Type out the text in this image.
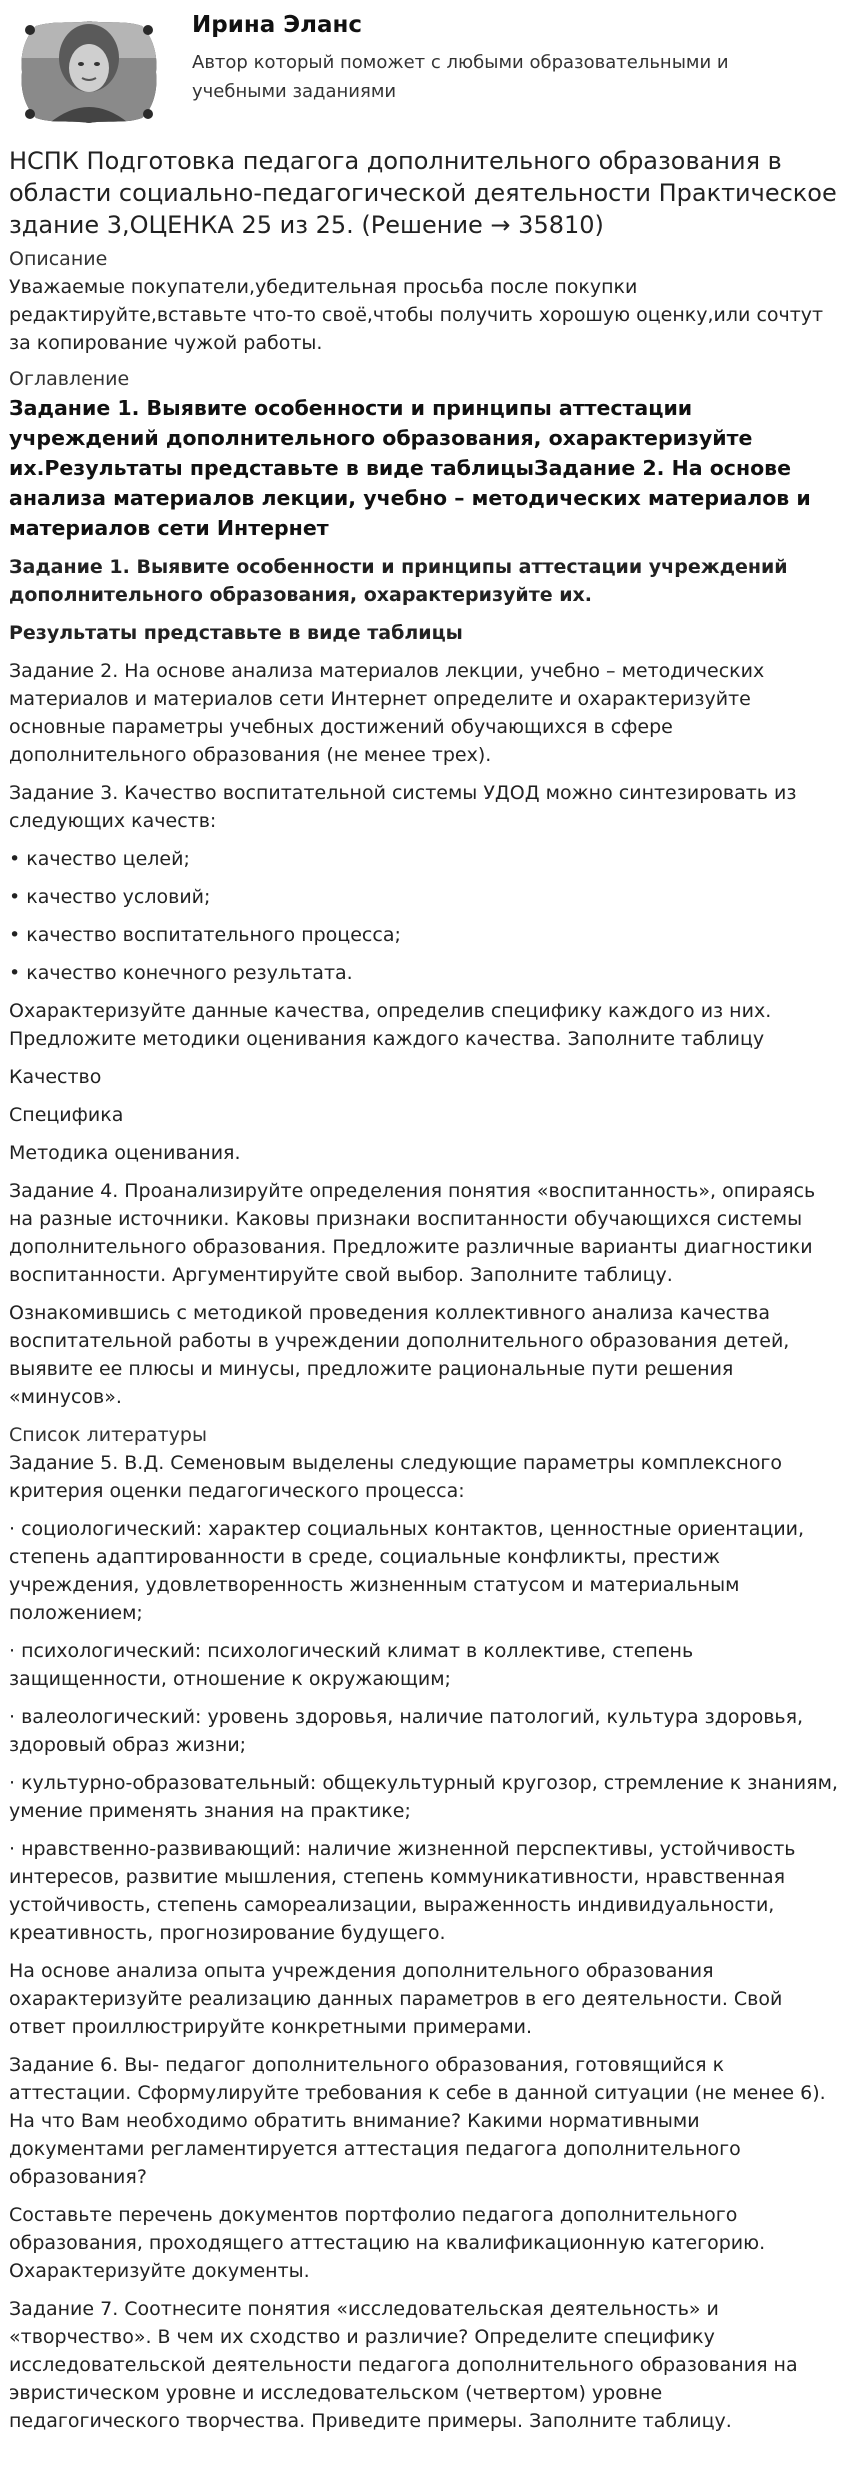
Ирина Эланс
Автор который поможет с любыми образовательными и учебными заданиями
НСПК Подготовка педагога дополнительного образования в области социально-педагогической деятельности Практическое здание 3,ОЦЕНКА 25 из 25. (Решение → 35810)
Описание
Уважаемые покупатели,убедительная просьба после покупки редактируйте,вставьте что-то своё,чтобы получить хорошую оценку,или сочтут за копирование чужой работы.
Оглавление
Задание 1. Выявите особенности и принципы аттестации учреждений дополнительного образования, охарактеризуйте их.Результаты представьте в виде таблицыЗадание 2. На основе анализа материалов лекции, учебно – методических материалов и материалов сети Интернет

Задание 1. Выявите особенности и принципы аттестации учреждений дополнительного образования, охарактеризуйте их.

Результаты представьте в виде таблицы

Задание 2. На основе анализа материалов лекции, учебно – методических материалов и материалов сети Интернет определите и охарактеризуйте основные параметры учебных достижений обучающихся в сфере дополнительного образования (не менее трех).

Задание 3. Качество воспитательной системы УДОД можно синтезировать из следующих качеств:

• качество целей;

• качество условий;

• качество воспитательного процесса;

• качество конечного результата.

Охарактеризуйте данные качества, определив специфику каждого из них. Предложите методики оценивания каждого качества. Заполните таблицу

Качество

Специфика

Методика оценивания.

Задание 4. Проанализируйте определения понятия «воспитанность», опираясь на разные источники. Каковы признаки воспитанности обучающихся системы дополнительного образования. Предложите различные варианты диагностики воспитанности. Аргументируйте свой выбор. Заполните таблицу.

Ознакомившись с методикой проведения коллективного анализа качества воспитательной работы в учреждении дополнительного образования детей, выявите ее плюсы и минусы, предложите рациональные пути решения «минусов».

Список литературы

Задание 5. В.Д. Семеновым выделены следующие параметры комплексного критерия оценки педагогического процесса:

· социологический: характер социальных контактов, ценностные ориентации, степень адаптированности в среде, социальные конфликты, престиж учреждения, удовлетворенность жизненным статусом и материальным положением;

· психологический: психологический климат в коллективе, степень защищенности, отношение к окружающим;

· валеологический: уровень здоровья, наличие патологий, культура здоровья, здоровый образ жизни;

· культурно-образовательный: общекультурный кругозор, стремление к знаниям, умение применять знания на практике;

· нравственно-развивающий: наличие жизненной перспективы, устойчивость интересов, развитие мышления, степень коммуникативности, нравственная устойчивость, степень самореализации, выраженность индивидуальности, креативность, прогнозирование будущего.

На основе анализа опыта учреждения дополнительного образования охарактеризуйте реализацию данных параметров в его деятельности. Свой ответ проиллюстрируйте конкретными примерами.

Задание 6. Вы- педагог дополнительного образования, готовящийся к аттестации. Сформулируйте требования к себе в данной ситуации (не менее 6). На что Вам необходимо обратить внимание? Какими нормативными документами регламентируется аттестация педагога дополнительного образования?

Составьте перечень документов портфолио педагога дополнительного образования, проходящего аттестацию на квалификационную категорию. Охарактеризуйте документы.

Задание 7. Соотнесите понятия «исследовательская деятельность» и «творчество». В чем их сходство и различие? Определите специфику исследовательской деятельности педагога дополнительного образования на эвристическом уровне и исследовательском (четвертом) уровне педагогического творчества. Приведите примеры. Заполните таблицу.
